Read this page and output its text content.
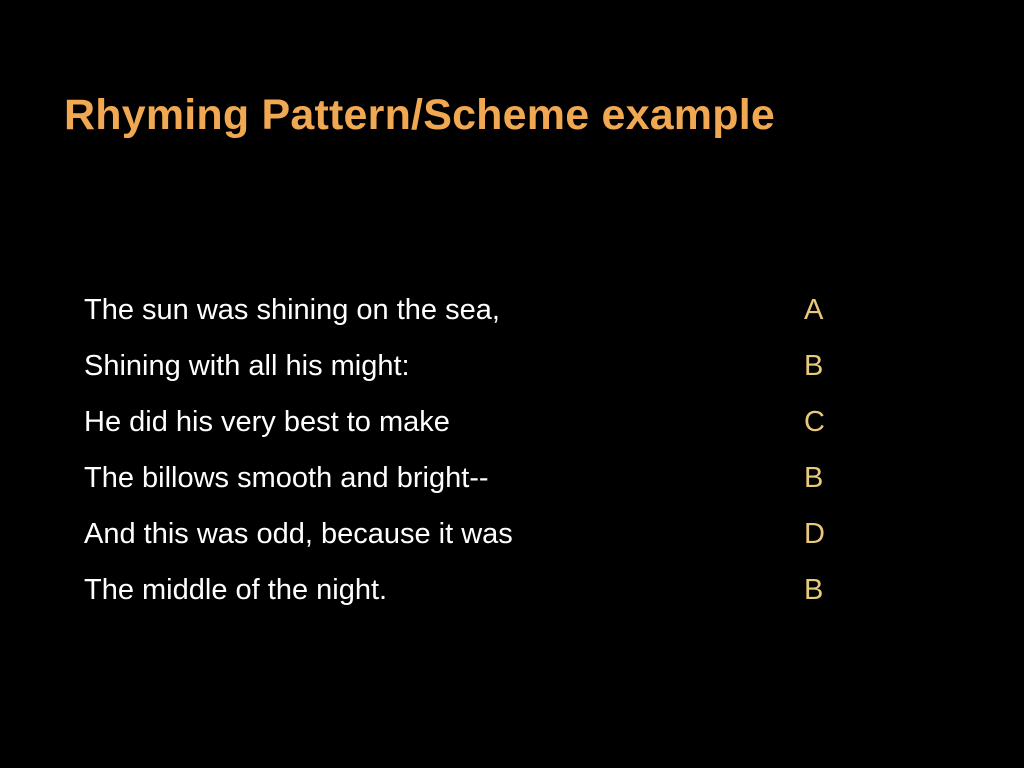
Rhyming Pattern/Scheme example
The sun was shining on the sea,	A
Shining with all his might:	B
He did his very best to make	C
The billows smooth and bright--	B
And this was odd, because it was	D
The middle of the night.	B
